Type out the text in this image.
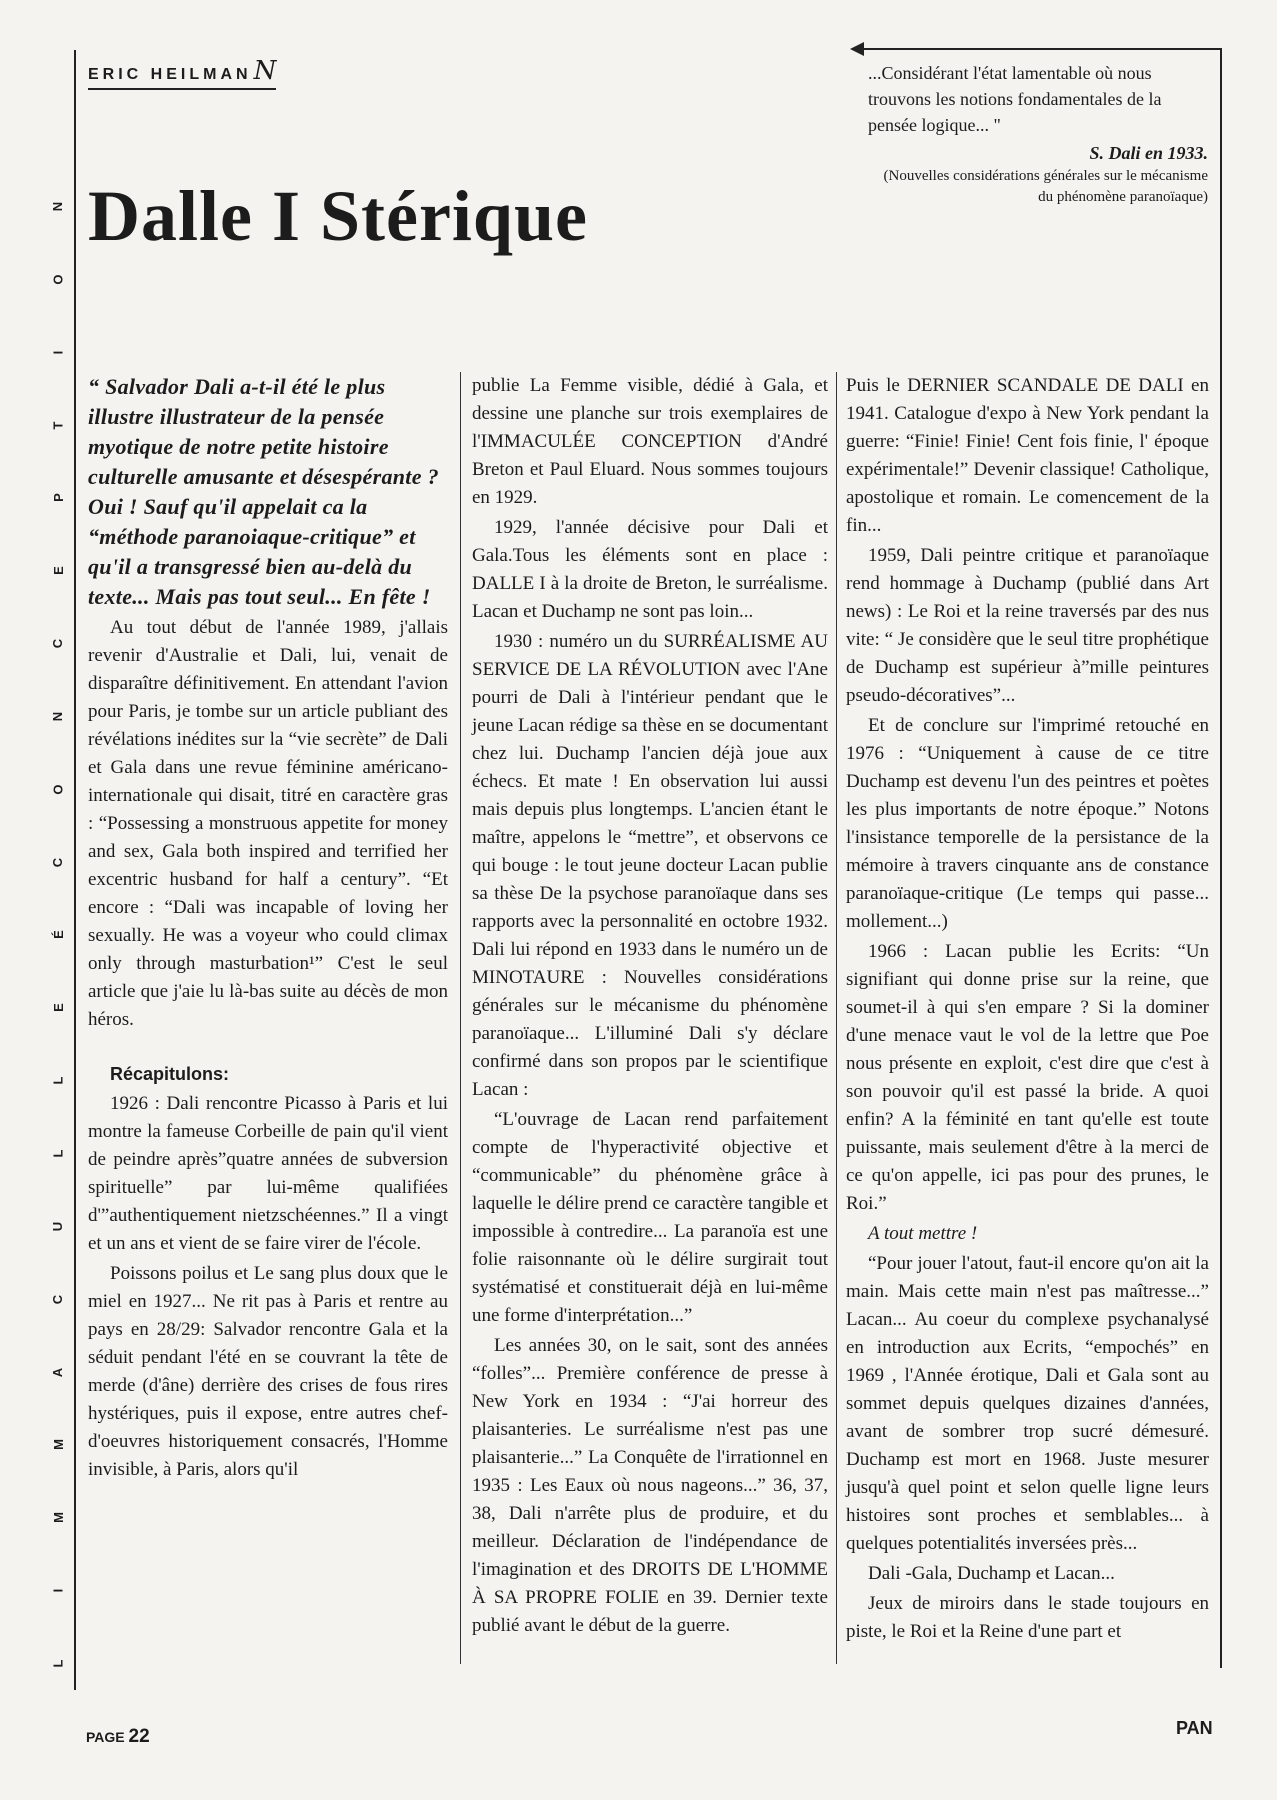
N
O
I
T
P
E
C
N
O
C
É
E
L
L
U
C
A
M
M
I
L
ERIC HEILMANN
Dalle I Stérique
...Considérant l'état lamentable où nous trouvons les notions fondamentales de la pensée logique... "
S. Dali en 1933.
(Nouvelles considérations générales sur le mécanisme du phénomène paranoïaque)

“ Salvador Dali a-t-il été le plus illustre illustrateur de la pensée myotique de notre petite histoire culturelle amusante et désespérante ? Oui ! Sauf qu'il appelait ca la “méthode paranoiaque-critique” et qu'il a transgressé bien au-delà du texte... Mais pas tout seul... En fête !

Au tout début de l'année 1989, j'allais revenir d'Australie et Dali, lui, venait de disparaître définitivement. En attendant l'avion pour Paris, je tombe sur un article publiant des révélations inédites sur la “vie secrète” de Dali et Gala dans une revue féminine américano-internationale qui disait, titré en caractère gras : “Possessing a monstruous appetite for money and sex, Gala both inspired and terrified her excentric husband for half a century”. “Et encore : “Dali was incapable of loving her sexually. He was a voyeur who could climax only through masturbation¹” C'est le seul article que j'aie lu là-bas suite au décès de mon héros.

Récapitulons:

1926 : Dali rencontre Picasso à Paris et lui montre la fameuse Corbeille de pain qu'il vient de peindre après”quatre années de subversion spirituelle” par lui-même qualifiées d'”authentiquement nietzschéennes.” Il a vingt et un ans et vient de se faire virer de l'école.

Poissons poilus et Le sang plus doux que le miel en 1927... Ne rit pas à Paris et rentre au pays en 28/29: Salvador rencontre Gala et la séduit pendant l'été en se couvrant la tête de merde (d'âne) derrière des crises de fous rires hystériques, puis il expose, entre autres chef-d'oeuvres historiquement consacrés, l'Homme invisible, à Paris, alors qu'il

publie La Femme visible, dédié à Gala, et dessine une planche sur trois exemplaires de l'IMMACULÉE CONCEPTION d'André Breton et Paul Eluard. Nous sommes toujours en 1929.

1929, l'année décisive pour Dali et Gala.Tous les éléments sont en place : DALLE I à la droite de Breton, le surréalisme. Lacan et Duchamp ne sont pas loin...

1930 : numéro un du SURRÉALISME AU SERVICE DE LA RÉVOLUTION avec l'Ane pourri de Dali à l'intérieur pendant que le jeune Lacan rédige sa thèse en se documentant chez lui. Duchamp l'ancien déjà joue aux échecs. Et mate ! En observation lui aussi mais depuis plus longtemps. L'ancien étant le maître, appelons le “mettre”, et observons ce qui bouge : le tout jeune docteur Lacan publie sa thèse De la psychose paranoïaque dans ses rapports avec la personnalité en octobre 1932. Dali lui répond en 1933 dans le numéro un de MINOTAURE : Nouvelles considérations générales sur le mécanisme du phénomène paranoïaque... L'illuminé Dali s'y déclare confirmé dans son propos par le scientifique Lacan :

“L'ouvrage de Lacan rend parfaitement compte de l'hyperactivité objective et “communicable” du phénomène grâce à laquelle le délire prend ce caractère tangible et impossible à contredire... La paranoïa est une folie raisonnante où le délire surgirait tout systématisé et constituerait déjà en lui-même une forme d'interprétation...”

Les années 30, on le sait, sont des années “folles”... Première conférence de presse à New York en 1934 : “J'ai horreur des plaisanteries. Le surréalisme n'est pas une plaisanterie...” La Conquête de l'irrationnel en 1935 : Les Eaux où nous nageons...” 36, 37, 38, Dali n'arrête plus de produire, et du meilleur. Déclaration de l'indépendance de l'imagination et des DROITS DE L'HOMME À SA PROPRE FOLIE en 39. Dernier texte publié avant le début de la guerre.

Puis le DERNIER SCANDALE DE DALI en 1941. Catalogue d'expo à New York pendant la guerre: “Finie! Finie! Cent fois finie, l' époque expérimentale!” Devenir classique! Catholique, apostolique et romain. Le comencement de la fin...

1959, Dali peintre critique et paranoïaque rend hommage à Duchamp (publié dans Art news) : Le Roi et la reine traversés par des nus vite: “ Je considère que le seul titre prophétique de Duchamp est supérieur à”mille peintures pseudo-décoratives”...

Et de conclure sur l'imprimé retouché en 1976 : “Uniquement à cause de ce titre Duchamp est devenu l'un des peintres et poètes les plus importants de notre époque.” Notons l'insistance temporelle de la persistance de la mémoire à travers cinquante ans de constance paranoïaque-critique (Le temps qui passe... mollement...)

1966 : Lacan publie les Ecrits: “Un signifiant qui donne prise sur la reine, que soumet-il à qui s'en empare ? Si la dominer d'une menace vaut le vol de la lettre que Poe nous présente en exploit, c'est dire que c'est à son pouvoir qu'il est passé la bride. A quoi enfin? A la féminité en tant qu'elle est toute puissante, mais seulement d'être à la merci de ce qu'on appelle, ici pas pour des prunes, le Roi.”

A tout mettre !

“Pour jouer l'atout, faut-il encore qu'on ait la main. Mais cette main n'est pas maîtresse...” Lacan... Au coeur du complexe psychanalysé en introduction aux Ecrits, “empochés” en 1969 , l'Année érotique, Dali et Gala sont au sommet depuis quelques dizaines d'années, avant de sombrer trop sucré démesuré. Duchamp est mort en 1968. Juste mesurer jusqu'à quel point et selon quelle ligne leurs histoires sont proches et semblables... à quelques potentialités inversées près...

Dali -Gala, Duchamp et Lacan...

Jeux de miroirs dans le stade toujours en piste, le Roi et la Reine d'une part et

PAGE 22	PAN
